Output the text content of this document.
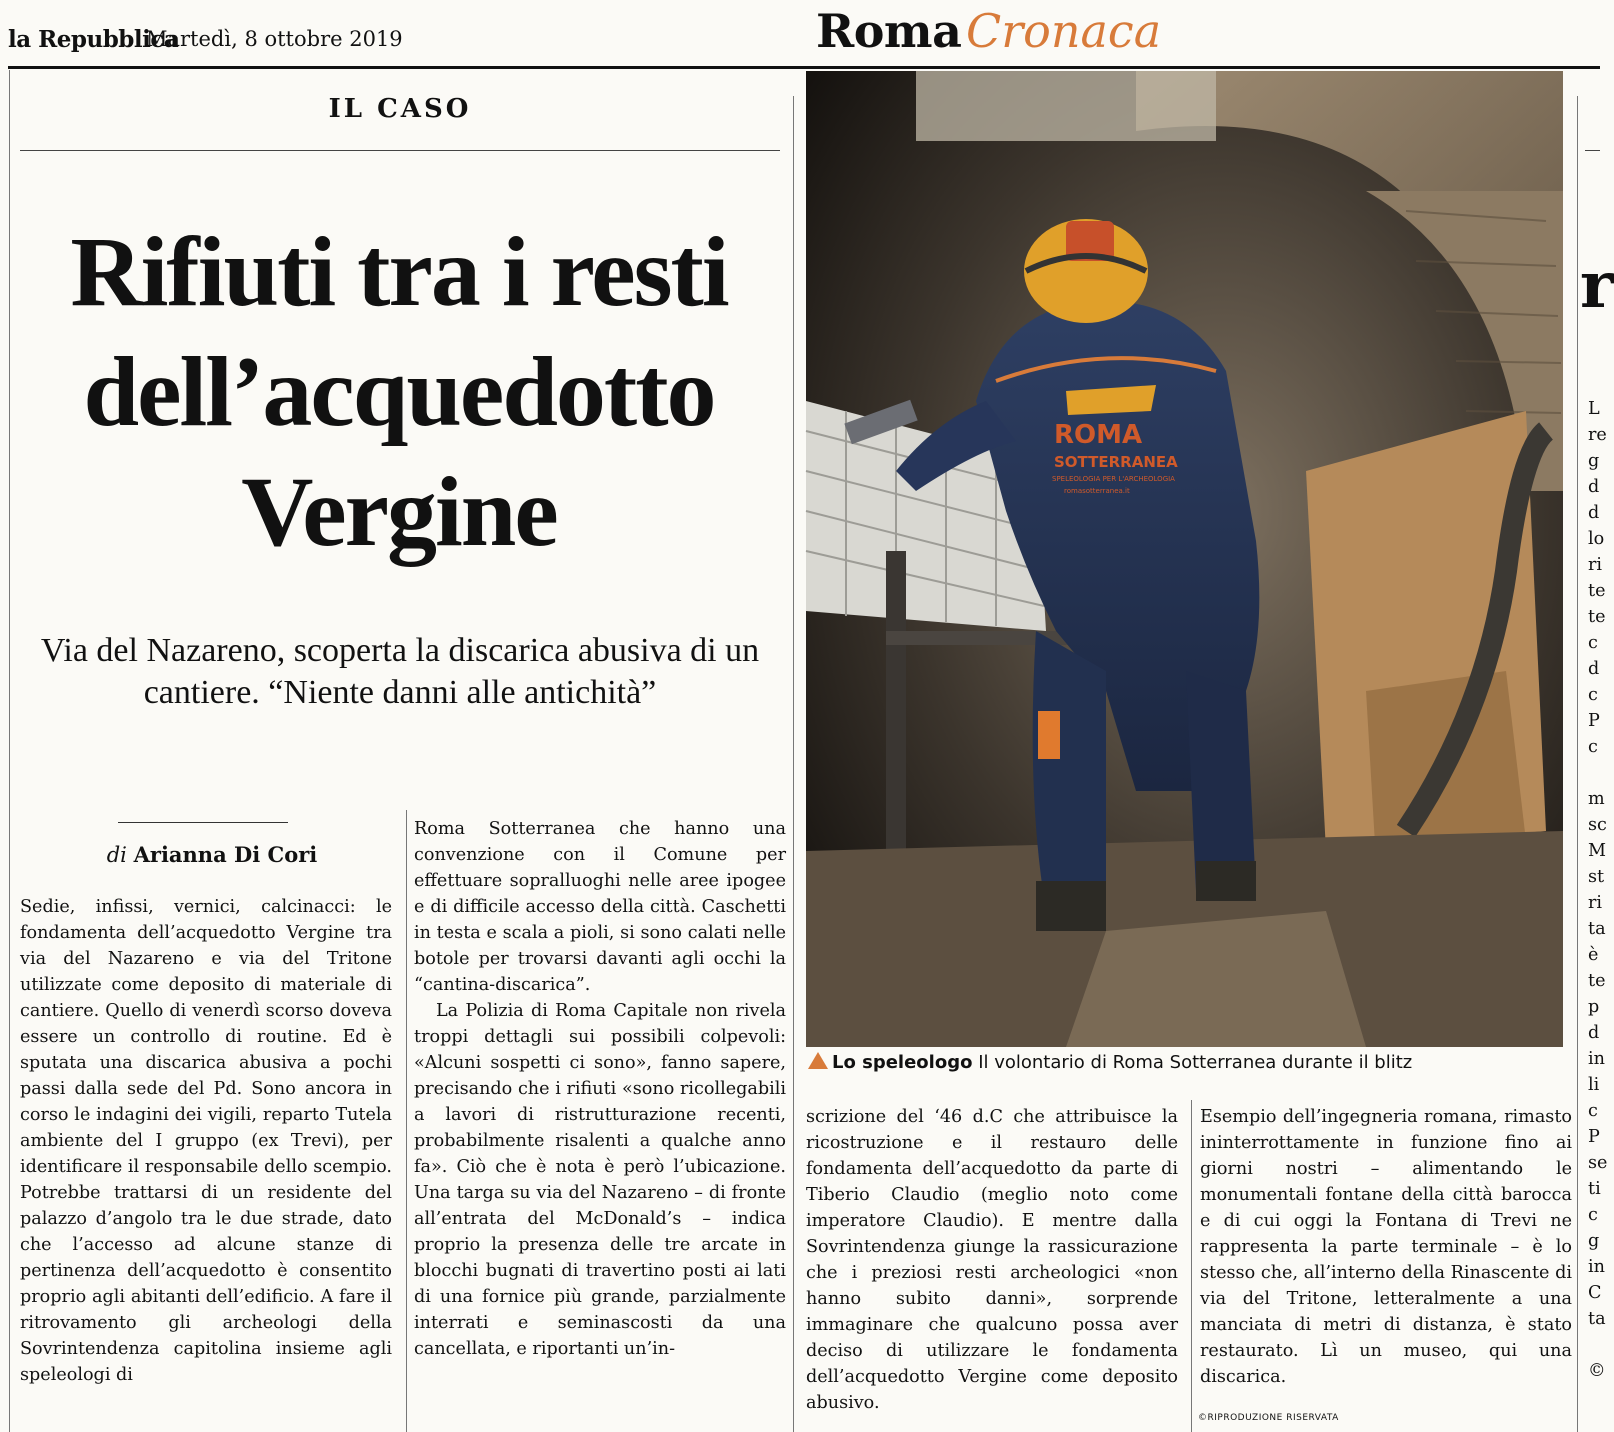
la Repubblica
Martedì, 8 ottobre 2019	Roma Cronaca
IL CASO
Rifiuti tra i resti dell’acquedotto Vergine
Via del Nazareno, scoperta la discarica abusiva di un cantiere. “Niente danni alle antichità”
di Arianna Di Cori

Sedie, infissi, vernici, calcinacci: le fondamenta dell’acquedotto Vergine tra via del Nazareno e via del Tritone utilizzate come deposito di materiale di cantiere. Quello di venerdì scorso doveva essere un controllo di routine. Ed è sputata una discarica abusiva a pochi passi dalla sede del Pd. Sono ancora in corso le indagini dei vigili, reparto Tutela ambiente del I gruppo (ex Trevi), per identificare il responsabile dello scempio. Potrebbe trattarsi di un residente del palazzo d’angolo tra le due strade, dato che l’accesso ad alcune stanze di pertinenza dell’acquedotto è consentito proprio agli abitanti dell’edificio. A fare il ritrovamento gli archeologi della Sovrintendenza capitolina insieme agli speleologi di

Roma Sotterranea che hanno una convenzione con il Comune per effettuare sopralluoghi nelle aree ipogee e di difficile accesso della città. Caschetti in testa e scala a pioli, si sono calati nelle botole per trovarsi davanti agli occhi la “cantina-discarica”.

La Polizia di Roma Capitale non rivela troppi dettagli sui possibili colpevoli: «Alcuni sospetti ci sono», fanno sapere, precisando che i rifiuti «sono ricollegabili a lavori di ristrutturazione recenti, probabilmente risalenti a qualche anno fa». Ciò che è nota è però l’ubicazione. Una targa su via del Nazareno – di fronte all’entrata del McDonald’s – indica proprio la presenza delle tre arcate in blocchi bugnati di travertino posti ai lati di una fornice più grande, parzialmente interrati e seminascosti da una cancellata, e riportanti un’in-

scrizione del ‘46 d.C che attribuisce la ricostruzione e il restauro delle fondamenta dell’acquedotto da parte di Tiberio Claudio (meglio noto come imperatore Claudio). E mentre dalla Sovrintendenza giunge la rassicurazione che i preziosi resti archeologici «non hanno subito danni», sorprende immaginare che qualcuno possa aver deciso di utilizzare le fondamenta dell’acquedotto Vergine come deposito abusivo.

Esempio dell’ingegneria romana, rimasto ininterrottamente in funzione fino ai giorni nostri – alimentando le monumentali fontane della città barocca e di cui oggi la Fontana di Trevi ne rappresenta la parte terminale – è lo stesso che, all’interno della Rinascente di via del Tritone, letteralmente a una manciata di metri di distanza, è stato restaurato. Lì un museo, qui una discarica.

©RIPRODUZIONE RISERVATA
ROMA
SOTTERRANEA
SPELEOLOGIA PER L'ARCHEOLOGIA
romasotterranea.it
Lo speleologo Il volontario di Roma Sotterranea durante il blitz
r
L
re
g
d
d
lo
ri
te
te
c
d
c
P
c

m
sc
M
st
ri
ta
è
te
p
d
in
li
c
P
se
ti
c
g
in
C
ta

©
